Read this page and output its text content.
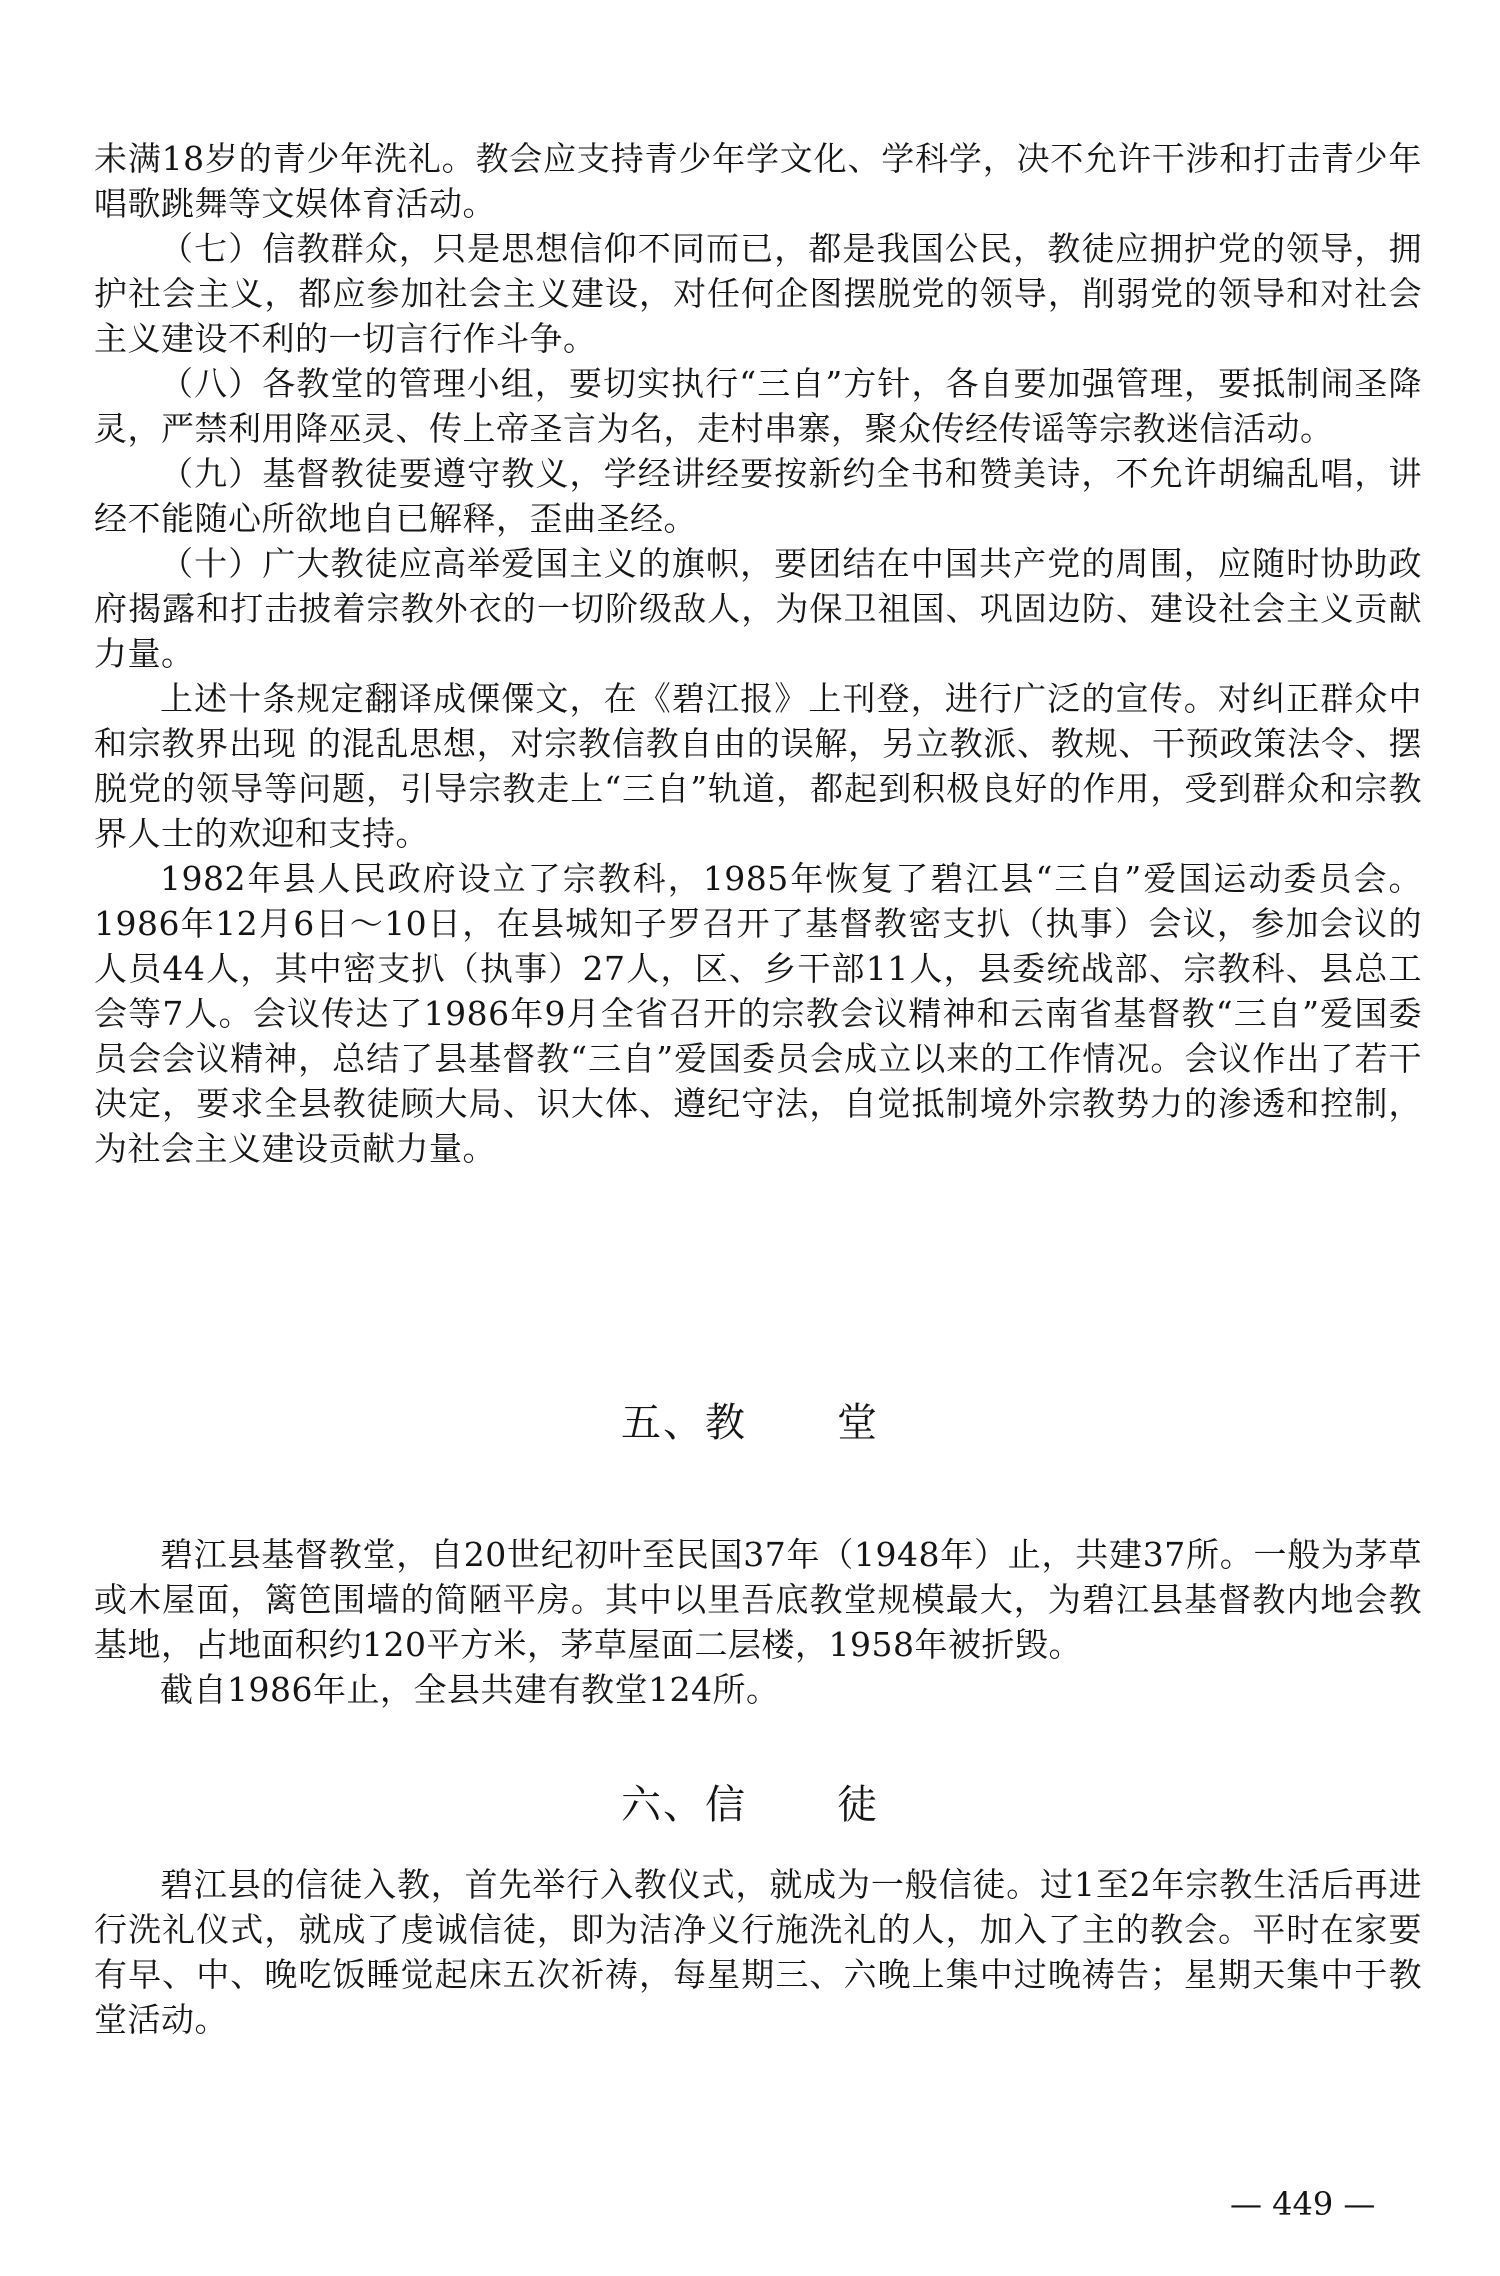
未满18岁的青少年洗礼。教会应支持青少年学文化、学科学，决不允许干涉和打击青少年唱歌跳舞等文娱体育活动。

（七）信教群众，只是思想信仰不同而已，都是我国公民，教徒应拥护党的领导，拥护社会主义，都应参加社会主义建设，对任何企图摆脱党的领导，削弱党的领导和对社会主义建设不利的一切言行作斗争。

（八）各教堂的管理小组，要切实执行“三自”方针，各自要加强管理，要抵制闹圣降灵，严禁利用降巫灵、传上帝圣言为名，走村串寨，聚众传经传谣等宗教迷信活动。

（九）基督教徒要遵守教义，学经讲经要按新约全书和赞美诗，不允许胡编乱唱，讲经不能随心所欲地自已解释，歪曲圣经。

（十）广大教徒应高举爱国主义的旗帜，要团结在中国共产党的周围，应随时协助政府揭露和打击披着宗教外衣的一切阶级敌人，为保卫祖国、巩固边防、建设社会主义贡献力量。

上述十条规定翻译成傈僳文，在《碧江报》上刊登，进行广泛的宣传。对纠正群众中和宗教界出现 的混乱思想，对宗教信教自由的误解，另立教派、教规、干预政策法令、摆脱党的领导等问题，引导宗教走上“三自”轨道，都起到积极良好的作用，受到群众和宗教界人士的欢迎和支持。

1982年县人民政府设立了宗教科，1985年恢复了碧江县“三自”爱国运动委员会。1986年12月6日～10日，在县城知子罗召开了基督教密支扒（执事）会议，参加会议的人员44人，其中密支扒（执事）27人，区、乡干部11人，县委统战部、宗教科、县总工会等7人。会议传达了1986年9月全省召开的宗教会议精神和云南省基督教“三自”爱国委员会会议精神，总结了县基督教“三自”爱国委员会成立以来的工作情况。会议作出了若干决定，要求全县教徒顾大局、识大体、遵纪守法，自觉抵制境外宗教势力的渗透和控制，为社会主义建设贡献力量。

五、教 堂

碧江县基督教堂，自20世纪初叶至民国37年（1948年）止，共建37所。一般为茅草或木屋面，篱笆围墙的简陋平房。其中以里吾底教堂规模最大，为碧江县基督教内地会教基地，占地面积约120平方米，茅草屋面二层楼，1958年被折毁。

截自1986年止，全县共建有教堂124所。

六、信 徒

碧江县的信徒入教，首先举行入教仪式，就成为一般信徒。过1至2年宗教生活后再进行洗礼仪式，就成了虔诚信徒，即为洁净义行施洗礼的人，加入了主的教会。平时在家要有早、中、晚吃饭睡觉起床五次祈祷，每星期三、六晚上集中过晚祷告；星期天集中于教堂活动。

— 449 —
